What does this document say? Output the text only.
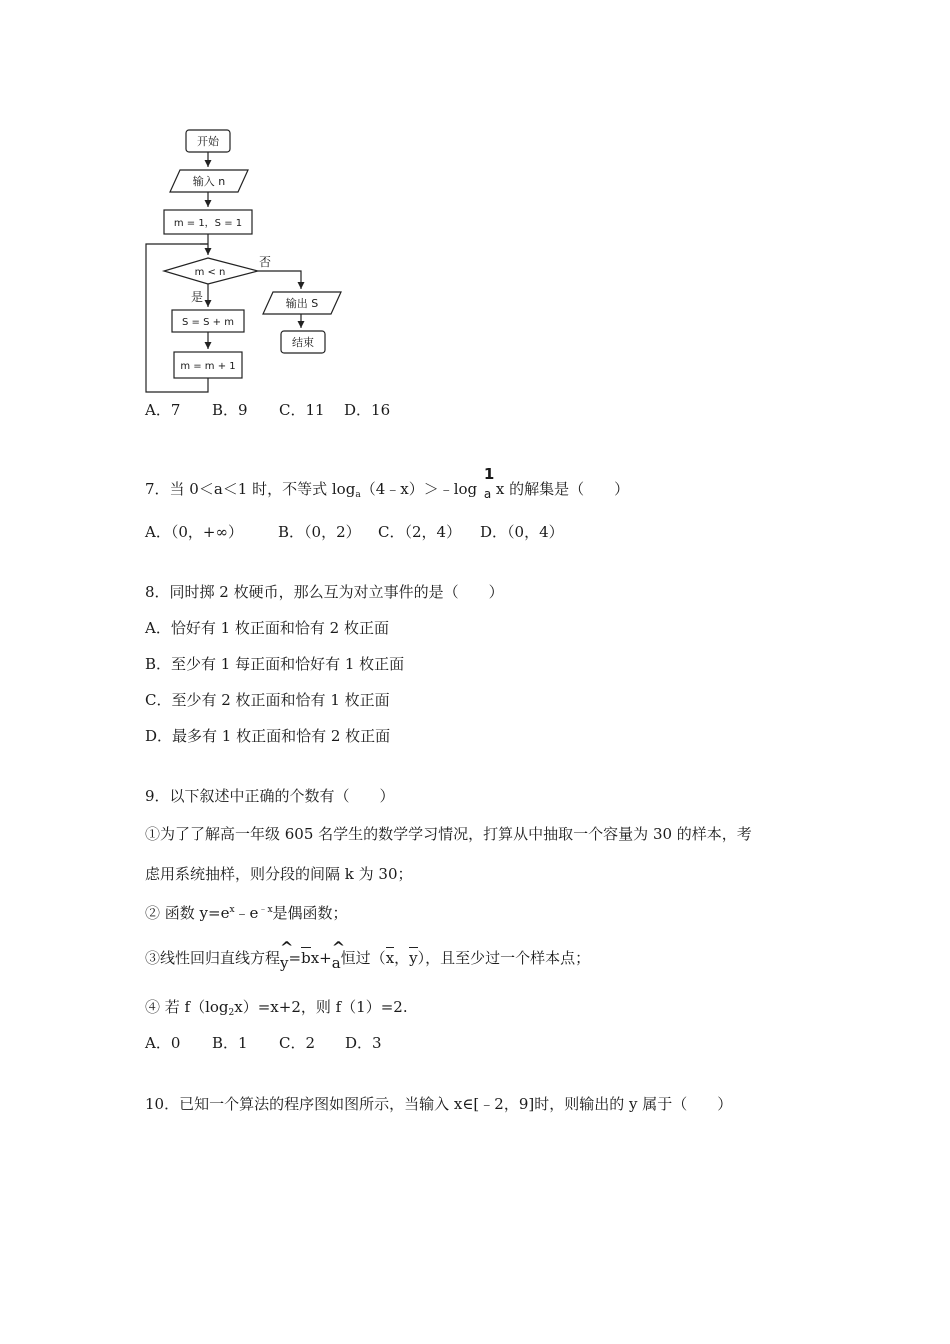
开始
输入 n
m = 1，S = 1
m < n
S = S + m
m = m + 1
输出 S
结束
是
否
A．7 B．9 C．11 D．16
7．当 0＜a＜1 时，不等式 $\log_a(4﹣x)>﹣\log$
1
a x 的解集是（　　）
A．（0，+∞） B．（0，2） C．（2，4） D．（0，4）
8．同时掷 2 枚硬币，那么互为对立事件的是（　　）
A．恰好有 1 枚正面和恰有 2 枚正面
B．至少有 1 每正面和恰好有 1 枚正面
C．至少有 2 枚正面和恰有 1 枚正面
D．最多有 1 枚正面和恰有 2 枚正面
9．以下叙述中正确的个数有（　　）
①为了了解高一年级 605 名学生的数学学习情况，打算从中抽取一个容量为 30 的样本，考
虑用系统抽样，则分段的间隔 k 为 30；
② 函数 $y=e^x﹣e^{﹣x}$是偶函数；
③线性回归直线方程^ y=bx+^ a恒过（x，y），且至少过一个样本点；
④ 若 $f(\log_2x)=x+2$，则 f（1）=2.
A．0 B．1 C．2 D．3
10．已知一个算法的程序图如图所示，当输入 x∈[﹣2，9]时，则输出的 y 属于（　　）
